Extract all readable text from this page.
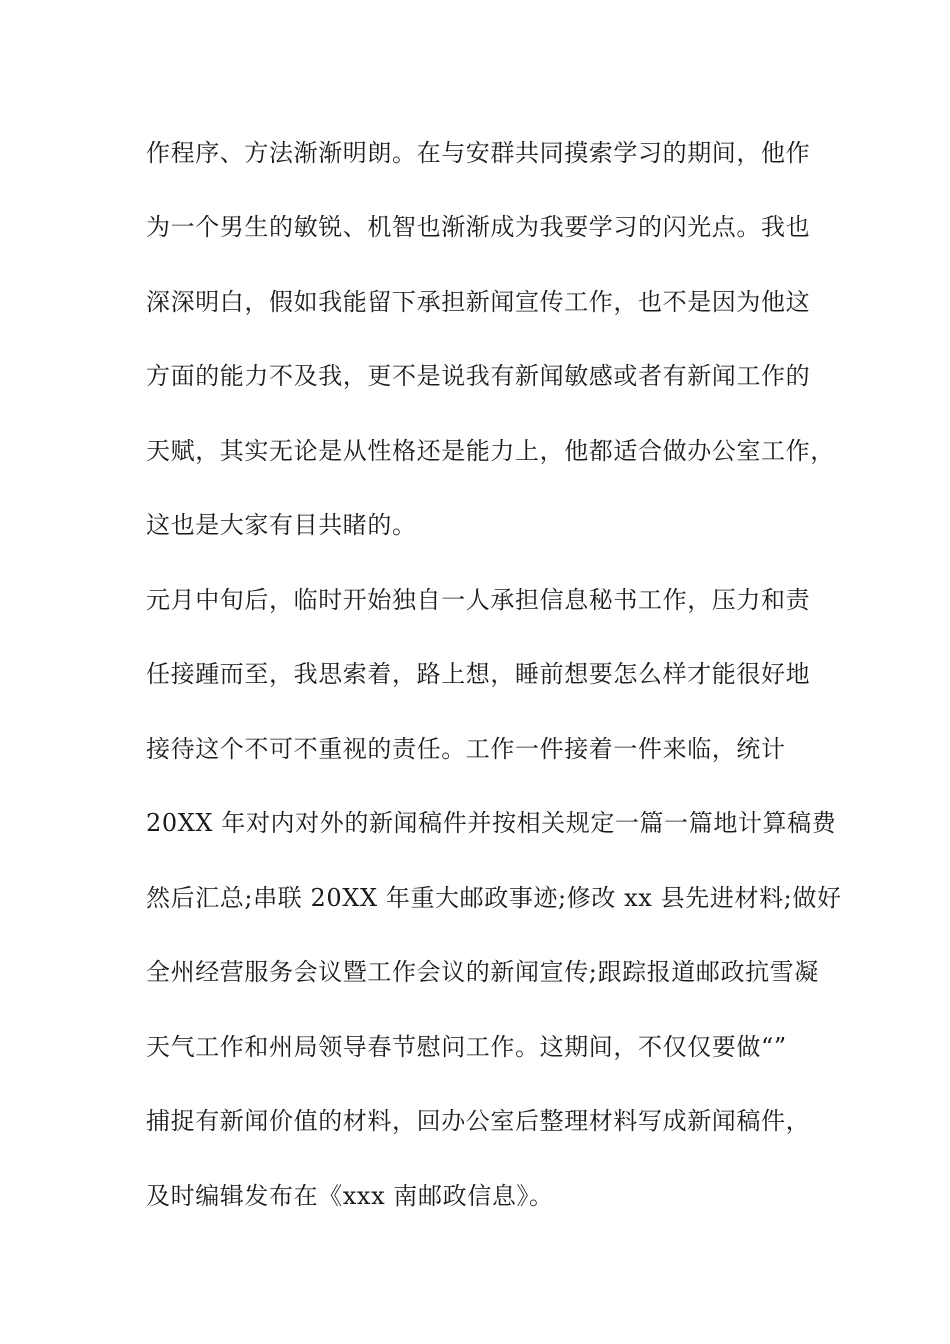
作程序、方法渐渐明朗。在与安群共同摸索学习的期间，他作
为一个男生的敏锐、机智也渐渐成为我要学习的闪光点。我也
深深明白，假如我能留下承担新闻宣传工作，也不是因为他这
方面的能力不及我，更不是说我有新闻敏感或者有新闻工作的
天赋，其实无论是从性格还是能力上，他都适合做办公室工作，
这也是大家有目共睹的。
元月中旬后，临时开始独自一人承担信息秘书工作，压力和责
任接踵而至，我思索着，路上想，睡前想要怎么样才能很好地
接待这个不可不重视的责任。工作一件接着一件来临，统计
20XX 年对内对外的新闻稿件并按相关规定一篇一篇地计算稿费
然后汇总;串联 20XX 年重大邮政事迹;修改 xx 县先进材料;做好
全州经营服务会议暨工作会议的新闻宣传;跟踪报道邮政抗雪凝
天气工作和州局领导春节慰问工作。这期间，不仅仅要做“”
捕捉有新闻价值的材料，回办公室后整理材料写成新闻稿件，
及时编辑发布在《xxx 南邮政信息》。
